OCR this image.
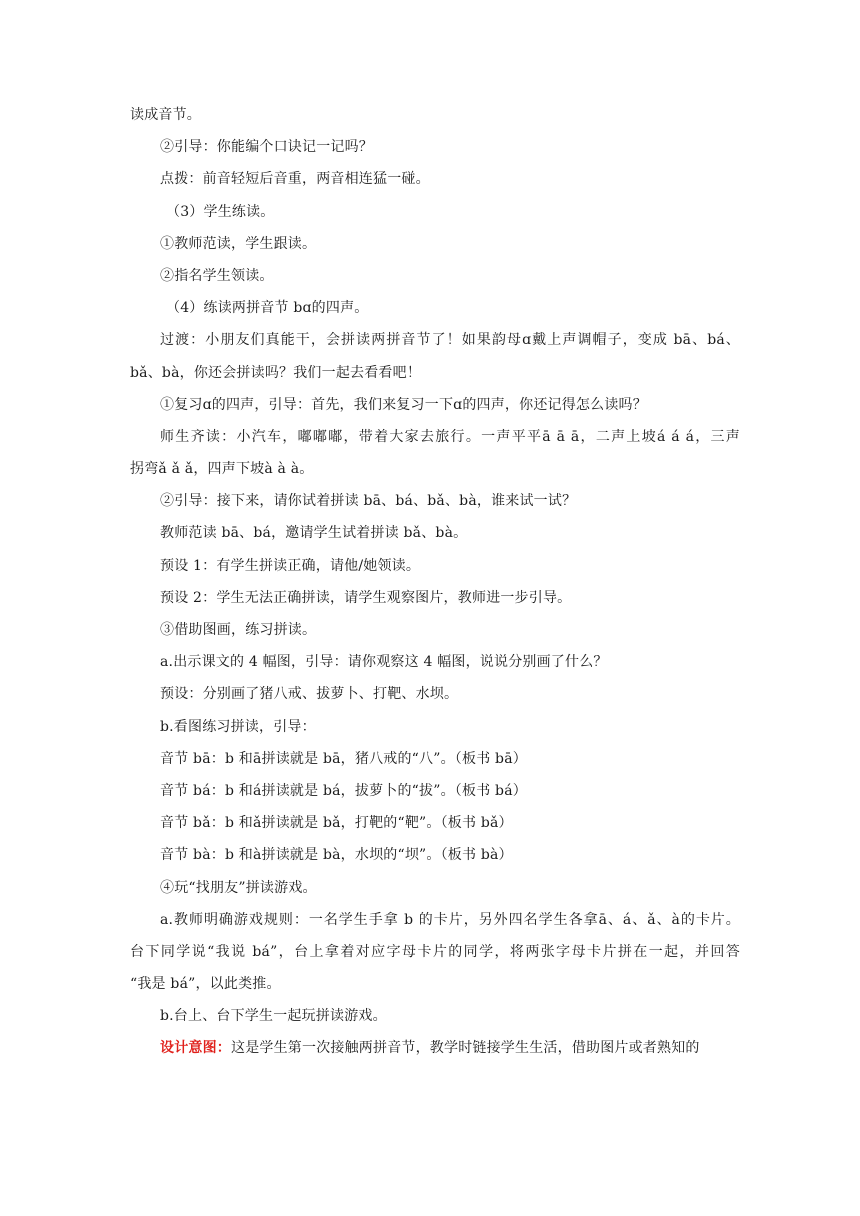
读成音节。
②引导：你能编个口诀记一记吗？
点拨：前音轻短后音重，两音相连猛一碰。
（3）学生练读。
①教师范读，学生跟读。
②指名学生领读。
（4）练读两拼音节 bɑ的四声。
过渡：小朋友们真能干，会拼读两拼音节了！如果韵母ɑ戴上声调帽子，变成 bā、bá、
bǎ、bà，你还会拼读吗？我们一起去看看吧！
①复习ɑ的四声，引导：首先，我们来复习一下ɑ的四声，你还记得怎么读吗？
师生齐读：小汽车，嘟嘟嘟，带着大家去旅行。一声平平ā ā ā，二声上坡á á á，三声
拐弯ǎ ǎ ǎ，四声下坡à à à。
②引导：接下来，请你试着拼读 bā、bá、bǎ、bà，谁来试一试？
教师范读 bā、bá，邀请学生试着拼读 bǎ、bà。
预设 1：有学生拼读正确，请他/她领读。
预设 2：学生无法正确拼读，请学生观察图片，教师进一步引导。
③借助图画，练习拼读。
a.出示课文的 4 幅图，引导：请你观察这 4 幅图，说说分别画了什么？
预设：分别画了猪八戒、拔萝卜、打靶、水坝。
b.看图练习拼读，引导：
音节 bā：b 和ā拼读就是 bā，猪八戒的“八”。（板书 bā）
音节 bá：b 和á拼读就是 bá，拔萝卜的“拔”。（板书 bá）
音节 bǎ：b 和ǎ拼读就是 bǎ，打靶的“靶”。（板书 bǎ）
音节 bà：b 和à拼读就是 bà，水坝的“坝”。（板书 bà）
④玩“找朋友”拼读游戏。
a.教师明确游戏规则：一名学生手拿 b 的卡片，另外四名学生各拿ā、á、ǎ、à的卡片。
台下同学说“我说 bá”，台上拿着对应字母卡片的同学，将两张字母卡片拼在一起，并回答
“我是 bá”，以此类推。
b.台上、台下学生一起玩拼读游戏。
设计意图：这是学生第一次接触两拼音节，教学时链接学生生活，借助图片或者熟知的
